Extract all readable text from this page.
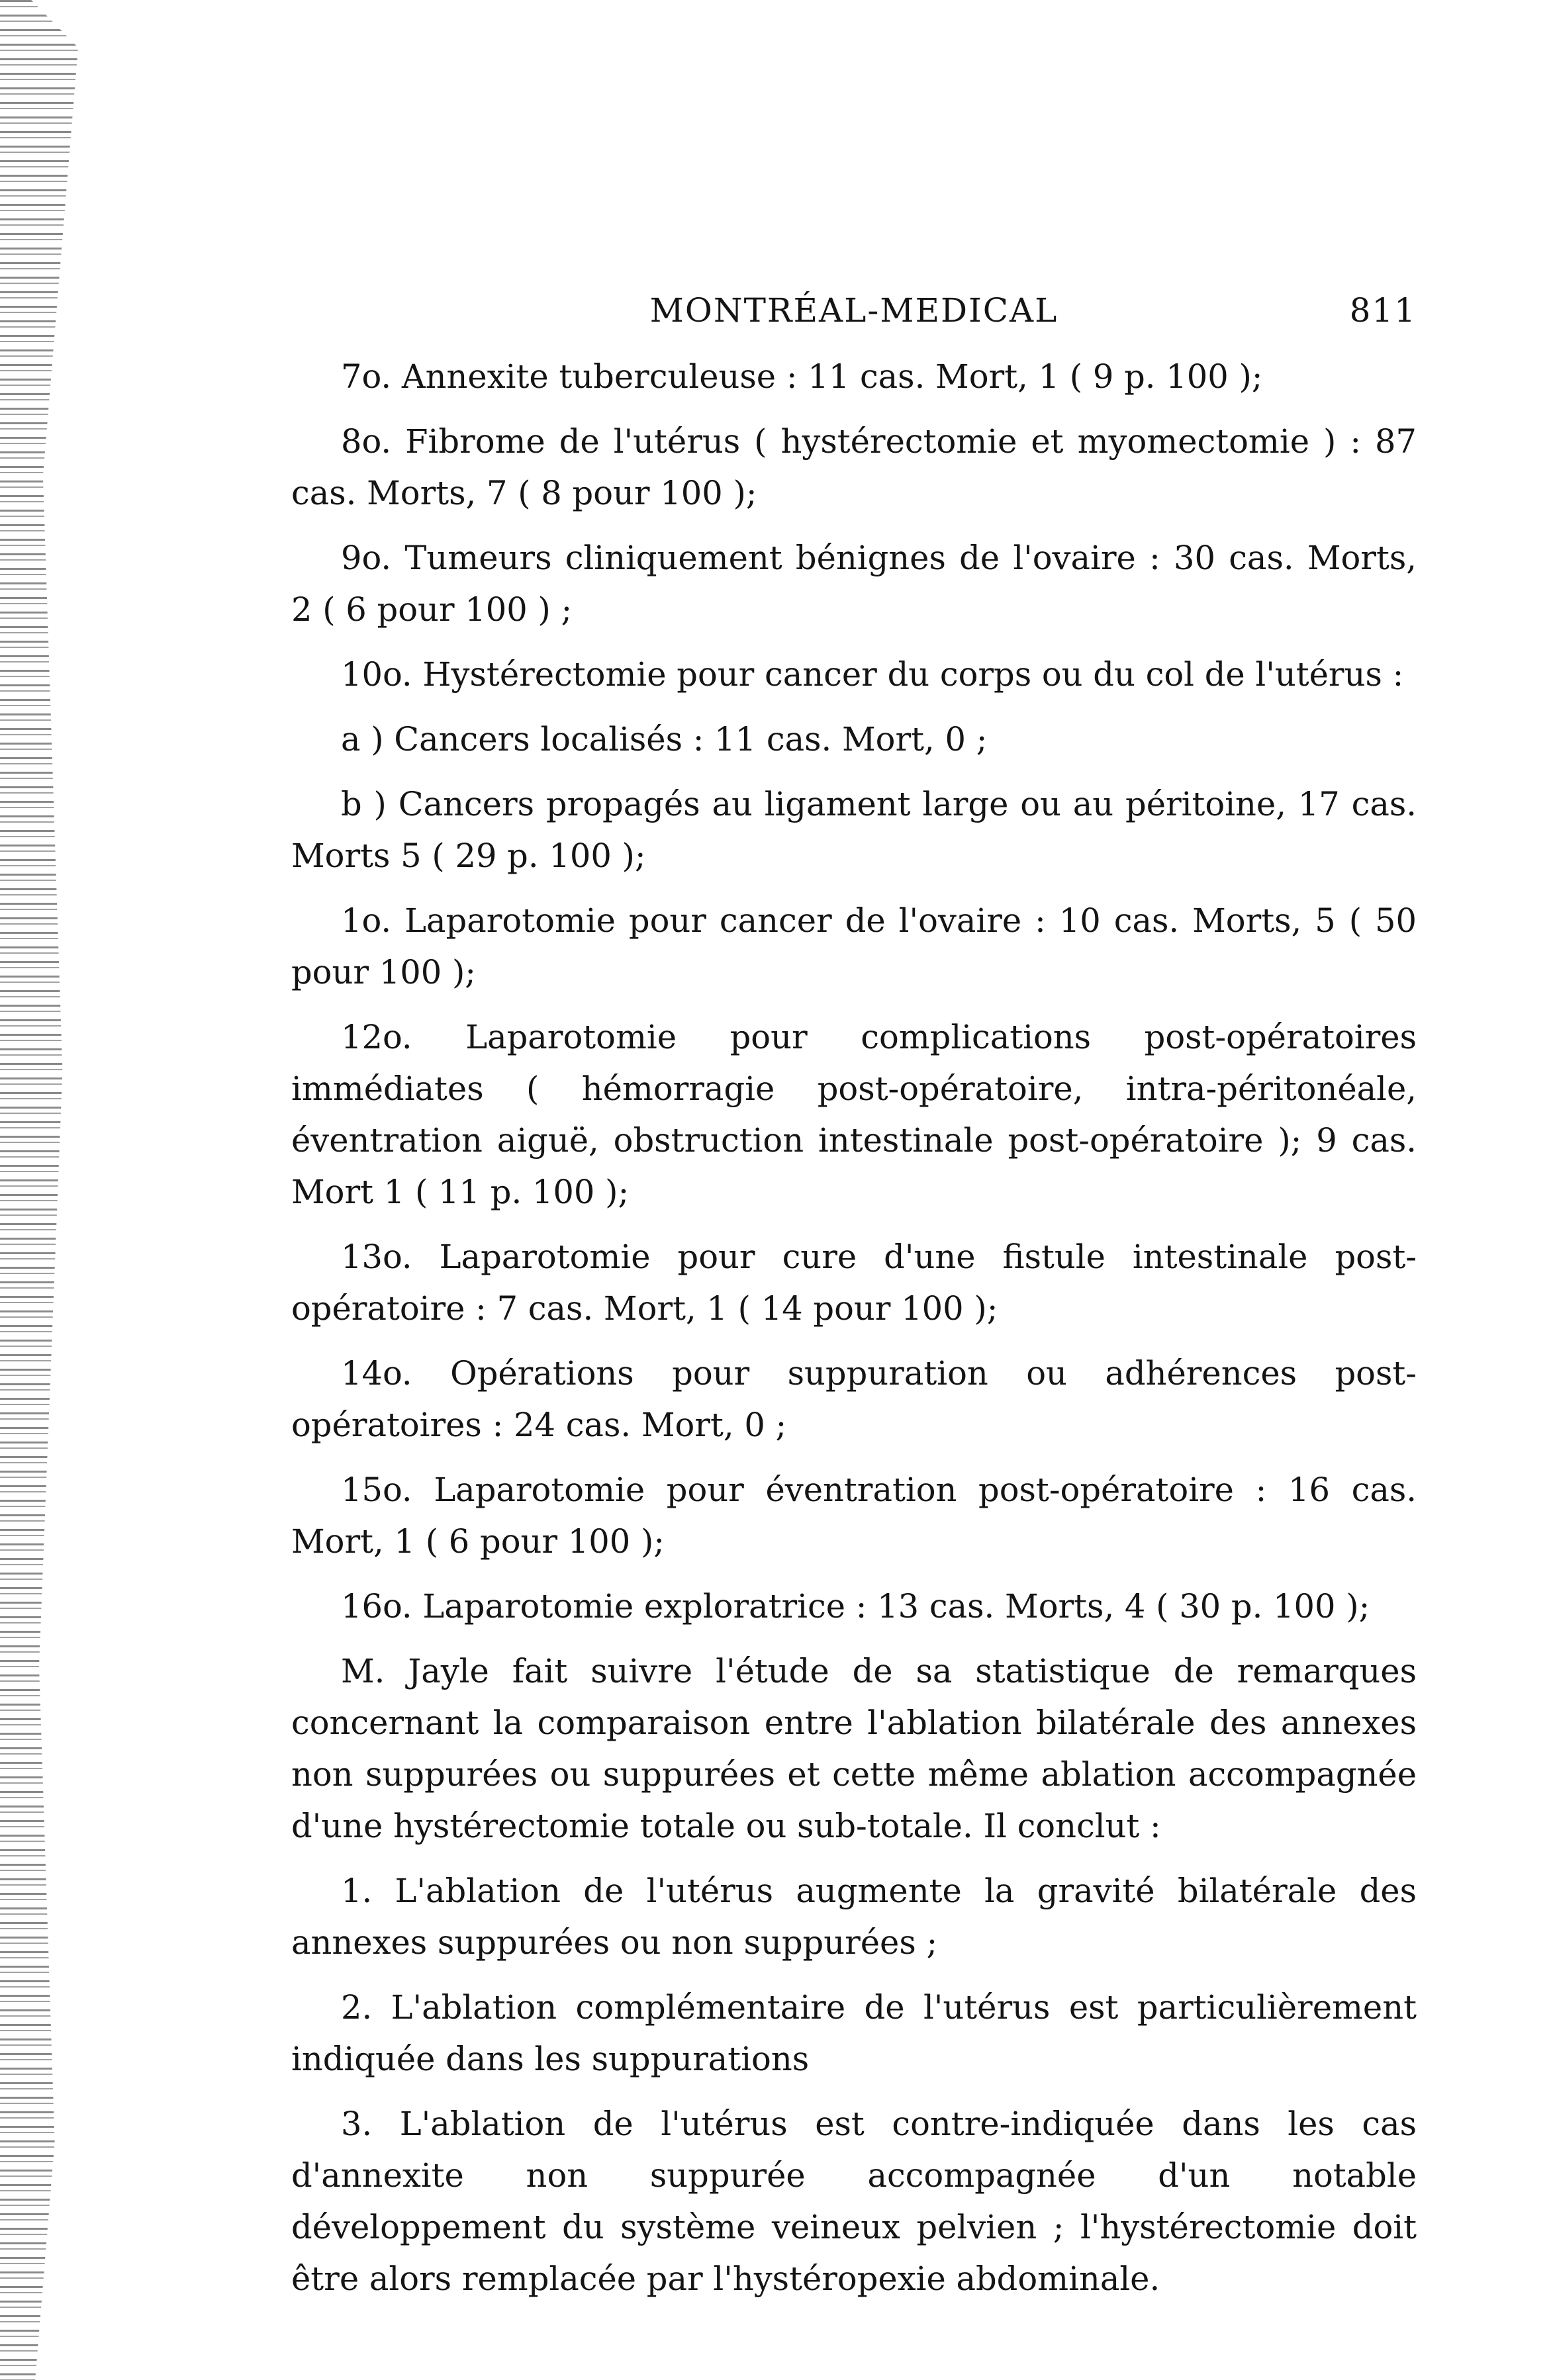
MONTRÉAL-MEDICAL	811

7o. Annexite tuberculeuse : 11 cas. Mort, 1 ( 9 p. 100 );

8o. Fibrome de l'utérus ( hystérectomie et myomectomie ) : 87 cas. Morts, 7 ( 8 pour 100 );

9o. Tumeurs cliniquement bénignes de l'ovaire : 30 cas. Morts, 2 ( 6 pour 100 ) ;

10o. Hystérectomie pour cancer du corps ou du col de l'utérus :

a ) Cancers localisés : 11 cas. Mort, 0 ;

b ) Cancers propagés au ligament large ou au péritoine, 17 cas. Morts 5 ( 29 p. 100 );

1o. Laparotomie pour cancer de l'ovaire : 10 cas. Morts, 5 ( 50 pour 100 );

12o. Laparotomie pour complications post-opératoires immédiates ( hémorragie post-opératoire, intra-péritonéale, éventration aiguë, obstruction intestinale post-opératoire ); 9 cas. Mort 1 ( 11 p. 100 );

13o. Laparotomie pour cure d'une fistule intestinale post-opératoire : 7 cas. Mort, 1 ( 14 pour 100 );

14o. Opérations pour suppuration ou adhérences post-opératoires : 24 cas. Mort, 0 ;

15o. Laparotomie pour éventration post-opératoire : 16 cas. Mort, 1 ( 6 pour 100 );

16o. Laparotomie exploratrice : 13 cas. Morts, 4 ( 30 p. 100 );

M. Jayle fait suivre l'étude de sa statistique de remarques concernant la comparaison entre l'ablation bilatérale des annexes non suppurées ou suppurées et cette même ablation accompagnée d'une hystérectomie totale ou sub-totale. Il conclut :

1. L'ablation de l'utérus augmente la gravité bilatérale des annexes suppurées ou non suppurées ;

2. L'ablation complémentaire de l'utérus est particulièrement indiquée dans les suppurations

3. L'ablation de l'utérus est contre-indiquée dans les cas d'annexite non suppurée accompagnée d'un notable développement du système veineux pelvien ; l'hystérectomie doit être alors remplacée par l'hystéropexie abdominale.
